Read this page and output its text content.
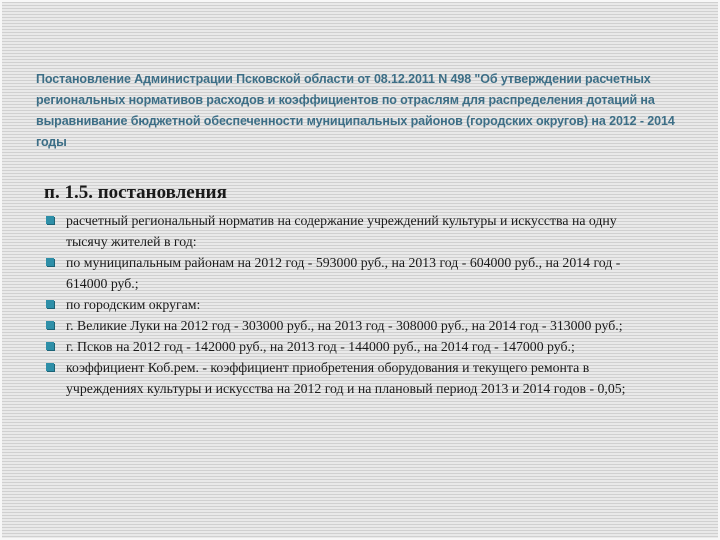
Постановление Администрации Псковской области от 08.12.2011 N 498 "Об утверждении расчетных региональных нормативов расходов и коэффициентов по отраслям для распределения дотаций на выравнивание бюджетной обеспеченности муниципальных районов (городских округов) на 2012 - 2014 годы
п. 1.5. постановления
расчетный региональный норматив на содержание учреждений культуры и искусства на одну тысячу жителей в год:
по муниципальным районам на 2012 год - 593000 руб., на 2013 год - 604000 руб., на 2014 год - 614000 руб.;
по городским округам:
г. Великие Луки на 2012 год - 303000 руб., на 2013 год - 308000 руб., на 2014 год - 313000 руб.;
г. Псков на 2012 год - 142000 руб., на 2013 год - 144000 руб., на 2014 год - 147000 руб.;
коэффициент Коб.рем. - коэффициент приобретения оборудования и текущего ремонта в учреждениях культуры и искусства на 2012 год и на плановый период 2013 и 2014 годов - 0,05;
